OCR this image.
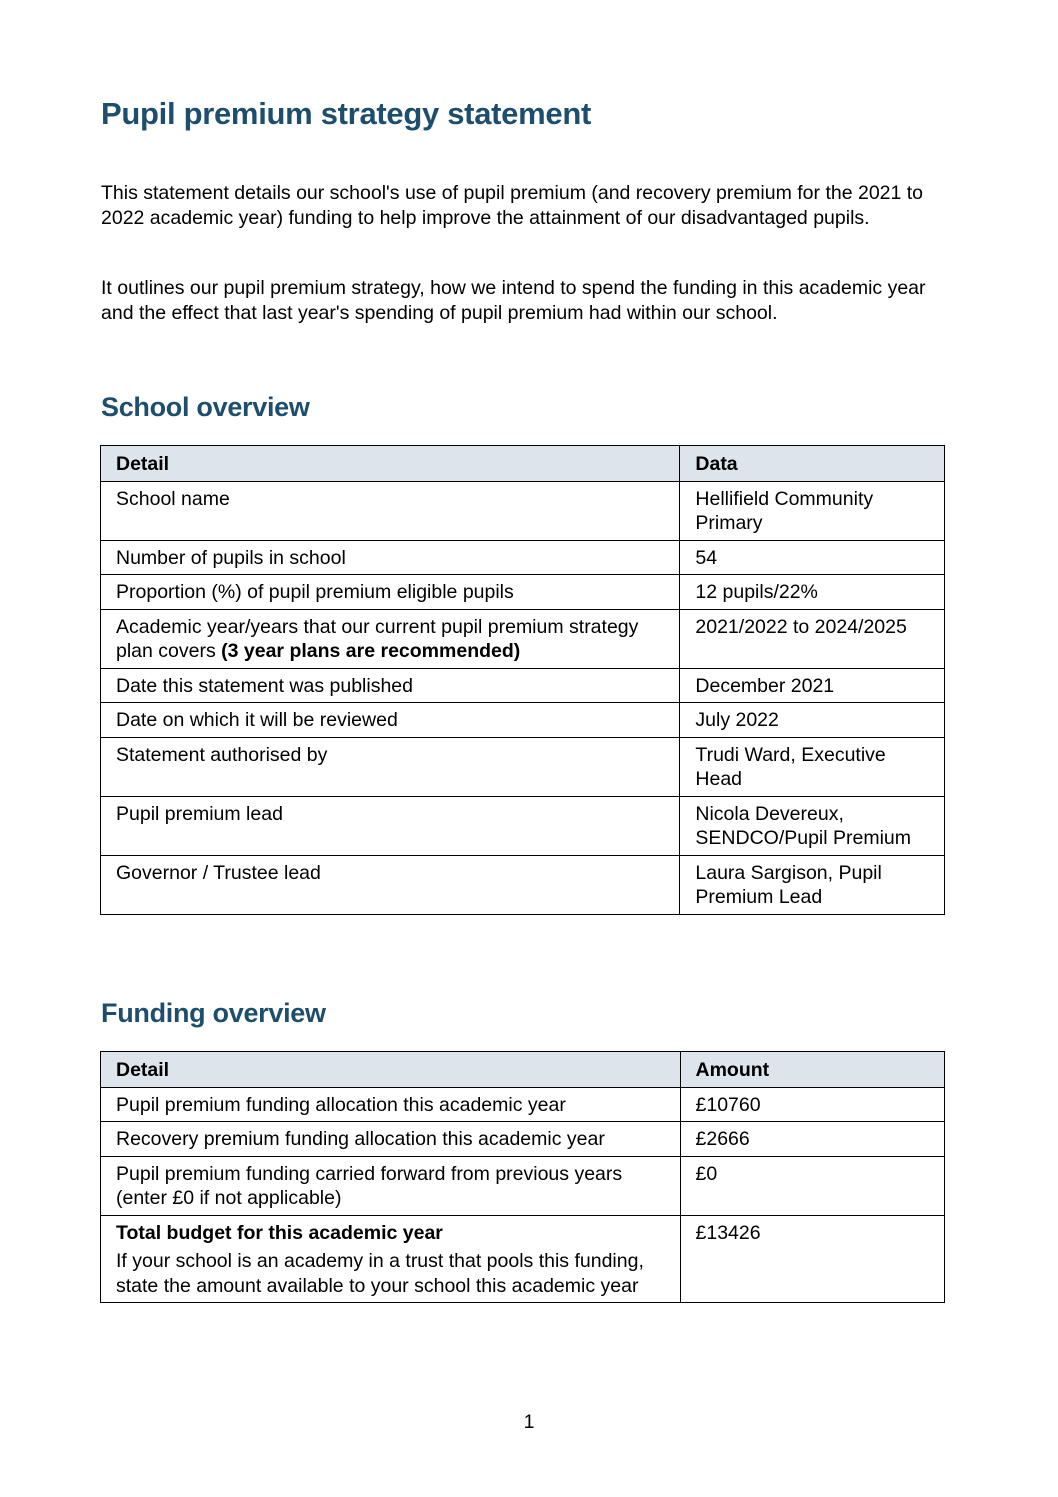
Pupil premium strategy statement

This statement details our school's use of pupil premium (and recovery premium for the 2021 to 2022 academic year) funding to help improve the attainment of our disadvantaged pupils.

It outlines our pupil premium strategy, how we intend to spend the funding in this academic year and the effect that last year's spending of pupil premium had within our school.

School overview
Detail	Data
School name	Hellifield Community Primary
Number of pupils in school	54
Proportion (%) of pupil premium eligible pupils	12 pupils/22%
Academic year/years that our current pupil premium strategy plan covers (3 year plans are recommended)	2021/2022 to 2024/2025
Date this statement was published	December 2021
Date on which it will be reviewed	July 2022
Statement authorised by	Trudi Ward, Executive Head
Pupil premium lead	Nicola Devereux, SENDCO/Pupil Premium
Governor / Trustee lead	Laura Sargison, Pupil Premium Lead
Funding overview
Detail	Amount
Pupil premium funding allocation this academic year	£10760
Recovery premium funding allocation this academic year	£2666
Pupil premium funding carried forward from previous years (enter £0 if not applicable)	£0

Total budget for this academic year
If your school is an academy in a trust that pools this funding, state the amount available to your school this academic year	£13426
1
